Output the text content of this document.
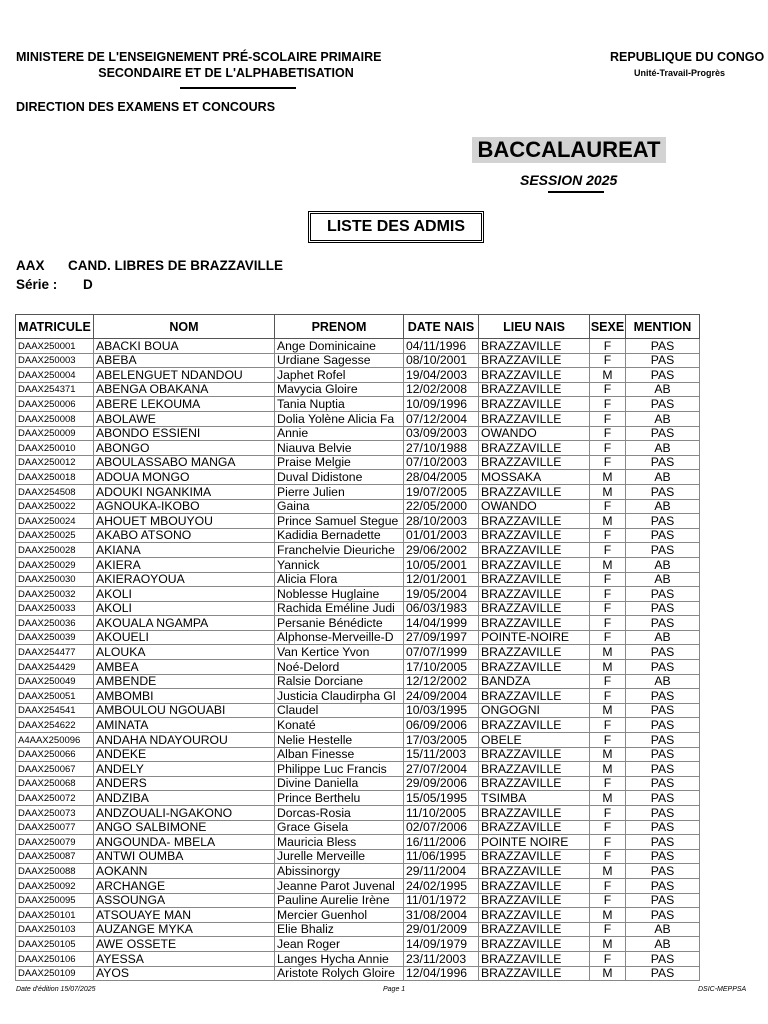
MINISTERE DE L'ENSEIGNEMENT PRÉ-SCOLAIRE PRIMAIRE
SECONDAIRE ET DE L'ALPHABETISATION
DIRECTION DES EXAMENS ET CONCOURS
REPUBLIQUE DU CONGO
Unité-Travail-Progrès
BACCALAUREAT
SESSION 2025
LISTE DES ADMIS
AAX CAND. LIBRES DE BRAZZAVILLE
Série : D
MATRICULE	NOM	PRENOM	DATE NAIS	LIEU NAIS	SEXE	MENTION
DAAX250001	ABACKI BOUA	Ange Dominicaine	04/11/1996	BRAZZAVILLE	F	PAS
DAAX250003	ABEBA	Urdiane Sagesse	08/10/2001	BRAZZAVILLE	F	PAS
DAAX250004	ABELENGUET NDANDOU	Japhet Rofel	19/04/2003	BRAZZAVILLE	M	PAS
DAAX254371	ABENGA OBAKANA	Mavycia Gloire	12/02/2008	BRAZZAVILLE	F	AB
DAAX250006	ABERE LEKOUMA	Tania Nuptia	10/09/1996	BRAZZAVILLE	F	PAS
DAAX250008	ABOLAWE	Dolia Yolène Alicia Fa	07/12/2004	BRAZZAVILLE	F	AB
DAAX250009	ABONDO ESSIENI	Annie	03/09/2003	OWANDO	F	PAS
DAAX250010	ABONGO	Niauva Belvie	27/10/1988	BRAZZAVILLE	F	AB
DAAX250012	ABOULASSABO MANGA	Praise Melgie	07/10/2003	BRAZZAVILLE	F	PAS
DAAX250018	ADOUA MONGO	Duval Didistone	28/04/2005	MOSSAKA	M	AB
DAAX254508	ADOUKI NGANKIMA	Pierre Julien	19/07/2005	BRAZZAVILLE	M	PAS
DAAX250022	AGNOUKA-IKOBO	Gaina	22/05/2000	OWANDO	F	AB
DAAX250024	AHOUET MBOUYOU	Prince Samuel Stegue	28/10/2003	BRAZZAVILLE	M	PAS
DAAX250025	AKABO ATSONO	Kadidia Bernadette	01/01/2003	BRAZZAVILLE	F	PAS
DAAX250028	AKIANA	Franchelvie Dieuriche	29/06/2002	BRAZZAVILLE	F	PAS
DAAX250029	AKIERA	Yannick	10/05/2001	BRAZZAVILLE	M	AB
DAAX250030	AKIERAOYOUA	Alicia Flora	12/01/2001	BRAZZAVILLE	F	AB
DAAX250032	AKOLI	Noblesse Huglaine	19/05/2004	BRAZZAVILLE	F	PAS
DAAX250033	AKOLI	Rachida Eméline Judi	06/03/1983	BRAZZAVILLE	F	PAS
DAAX250036	AKOUALA NGAMPA	Persanie Bénédicte	14/04/1999	BRAZZAVILLE	F	PAS
DAAX250039	AKOUELI	Alphonse-Merveille-D	27/09/1997	POINTE-NOIRE	F	AB
DAAX254477	ALOUKA	Van Kertice Yvon	07/07/1999	BRAZZAVILLE	M	PAS
DAAX254429	AMBEA	Noé-Delord	17/10/2005	BRAZZAVILLE	M	PAS
DAAX250049	AMBENDE	Ralsie Dorciane	12/12/2002	BANDZA	F	AB
DAAX250051	AMBOMBI	Justicia Claudirpha Gl	24/09/2004	BRAZZAVILLE	F	PAS
DAAX254541	AMBOULOU NGOUABI	Claudel	10/03/1995	ONGOGNI	M	PAS
DAAX254622	AMINATA	Konaté	06/09/2006	BRAZZAVILLE	F	PAS
A4AAX250096	ANDAHA NDAYOUROU	Nelie Hestelle	17/03/2005	OBELE	F	PAS
DAAX250066	ANDEKE	Alban Finesse	15/11/2003	BRAZZAVILLE	M	PAS
DAAX250067	ANDELY	Philippe Luc Francis	27/07/2004	BRAZZAVILLE	M	PAS
DAAX250068	ANDERS	Divine Daniella	29/09/2006	BRAZZAVILLE	F	PAS
DAAX250072	ANDZIBA	Prince Berthelu	15/05/1995	TSIMBA	M	PAS
DAAX250073	ANDZOUALI-NGAKONO	Dorcas-Rosia	11/10/2005	BRAZZAVILLE	F	PAS
DAAX250077	ANGO SALBIMONE	Grace Gisela	02/07/2006	BRAZZAVILLE	F	PAS
DAAX250079	ANGOUNDA- MBELA	Mauricia Bless	16/11/2006	POINTE NOIRE	F	PAS
DAAX250087	ANTWI OUMBA	Jurelle Merveille	11/06/1995	BRAZZAVILLE	F	PAS
DAAX250088	AOKANN	Abissinorgy	29/11/2004	BRAZZAVILLE	M	PAS
DAAX250092	ARCHANGE	Jeanne Parot Juvenal	24/02/1995	BRAZZAVILLE	F	PAS
DAAX250095	ASSOUNGA	Pauline Aurelie Irène	11/01/1972	BRAZZAVILLE	F	PAS
DAAX250101	ATSOUAYE MAN	Mercier Guenhol	31/08/2004	BRAZZAVILLE	M	PAS
DAAX250103	AUZANGE MYKA	Elie Bhaliz	29/01/2009	BRAZZAVILLE	F	AB
DAAX250105	AWE OSSETE	Jean Roger	14/09/1979	BRAZZAVILLE	M	AB
DAAX250106	AYESSA	Langes Hycha Annie	23/11/2003	BRAZZAVILLE	F	PAS
DAAX250109	AYOS	Aristote Rolych Gloire	12/04/1996	BRAZZAVILLE	M	PAS
Date d'édition 15/07/2025	Page 1	DSIC-MEPPSA
